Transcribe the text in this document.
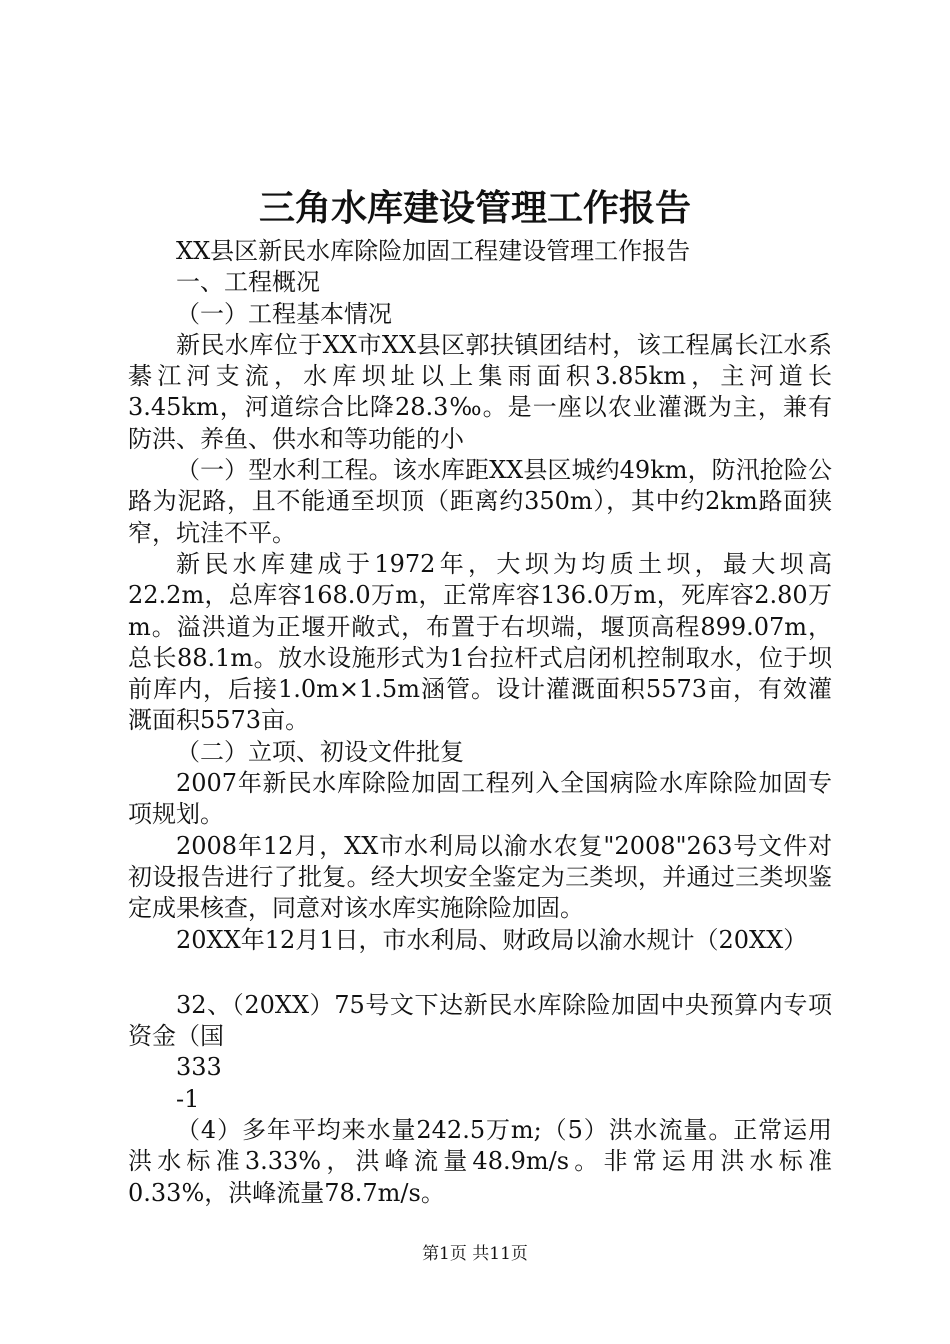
三角水库建设管理工作报告

XX县区新民水库除险加固工程建设管理工作报告

一、工程概况

（一）工程基本情况

新民水库位于XX市XX县区郭扶镇团结村，该工程属长江水系綦江河支流，水库坝址以上集雨面积3.85km，主河道长3.45km，河道综合比降28.3‰。是一座以农业灌溉为主，兼有防洪、养鱼、供水和等功能的小

（一）型水利工程。该水库距XX县区城约49km，防汛抢险公路为泥路，且不能通至坝顶（距离约350m），其中约2km路面狭窄，坑洼不平。

新民水库建成于1972年，大坝为均质土坝，最大坝高22.2m，总库容168.0万m，正常库容136.0万m，死库容2.80万m。溢洪道为正堰开敞式，布置于右坝端，堰顶高程899.07m，总长88.1m。放水设施形式为1台拉杆式启闭机控制取水，位于坝前库内，后接1.0m×1.5m涵管。设计灌溉面积5573亩，有效灌溉面积5573亩。

（二）立项、初设文件批复

2007年新民水库除险加固工程列入全国病险水库除险加固专项规划。

2008年12月，XX市水利局以渝水农复"2008"263号文件对初设报告进行了批复。经大坝安全鉴定为三类坝，并通过三类坝鉴定成果核查，同意对该水库实施除险加固。

20XX年12月1日，市水利局、财政局以渝水规计（20XX）

32、（20XX）75号文下达新民水库除险加固中央预算内专项资金（国

333

-1

（4）多年平均来水量242.5万m;（5）洪水流量。正常运用洪水标准3.33%，洪峰流量48.9m/s。非常运用洪水标准0.33%，洪峰流量78.7m/s。

第1页 共11页
